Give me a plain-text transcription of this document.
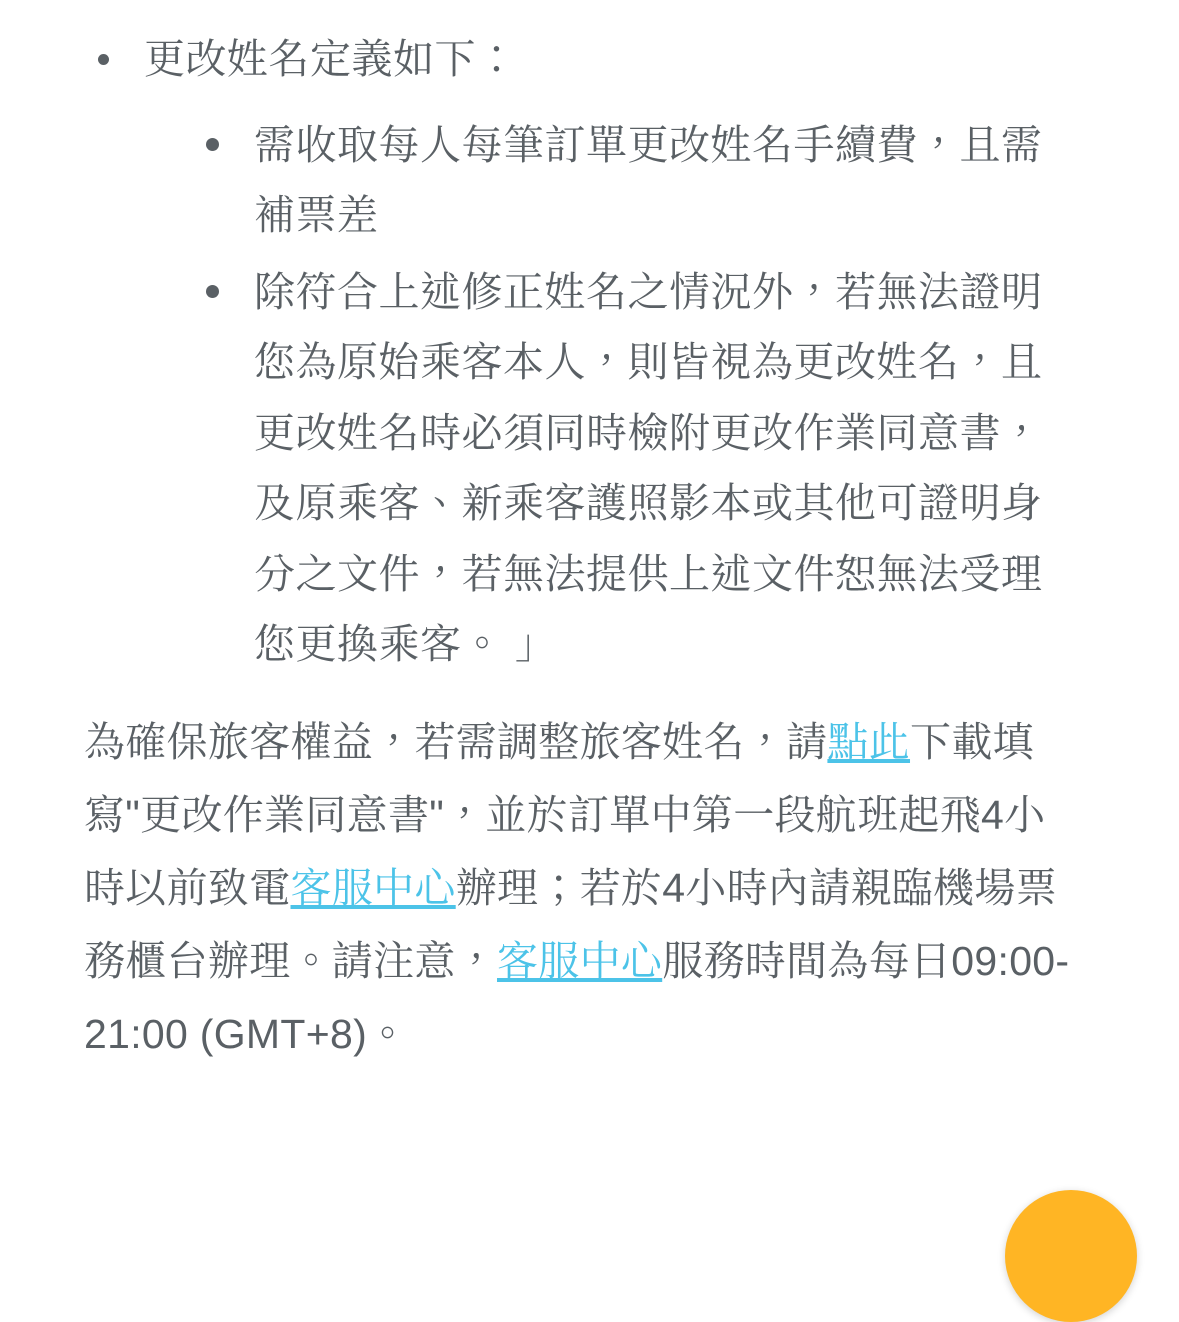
更改姓名定義如下：
需收取每人每筆訂單更改姓名手續費，且需補票差
除符合上述修正姓名之情況外，若無法證明您為原始乘客本人，則皆視為更改姓名，且更改姓名時必須同時檢附更改作業同意書，及原乘客、新乘客護照影本或其他可證明身分之文件，若無法提供上述文件恕無法受理您更換乘客。 」

為確保旅客權益，若需調整旅客姓名，請點此下載填寫"更改作業同意書"，並於訂單中第一段航班起飛4小時以前致電客服中心辦理；若於4小時內請親臨機場票務櫃台辦理。請注意，客服中心服務時間為每日09:00-21:00 (GMT+8)。
